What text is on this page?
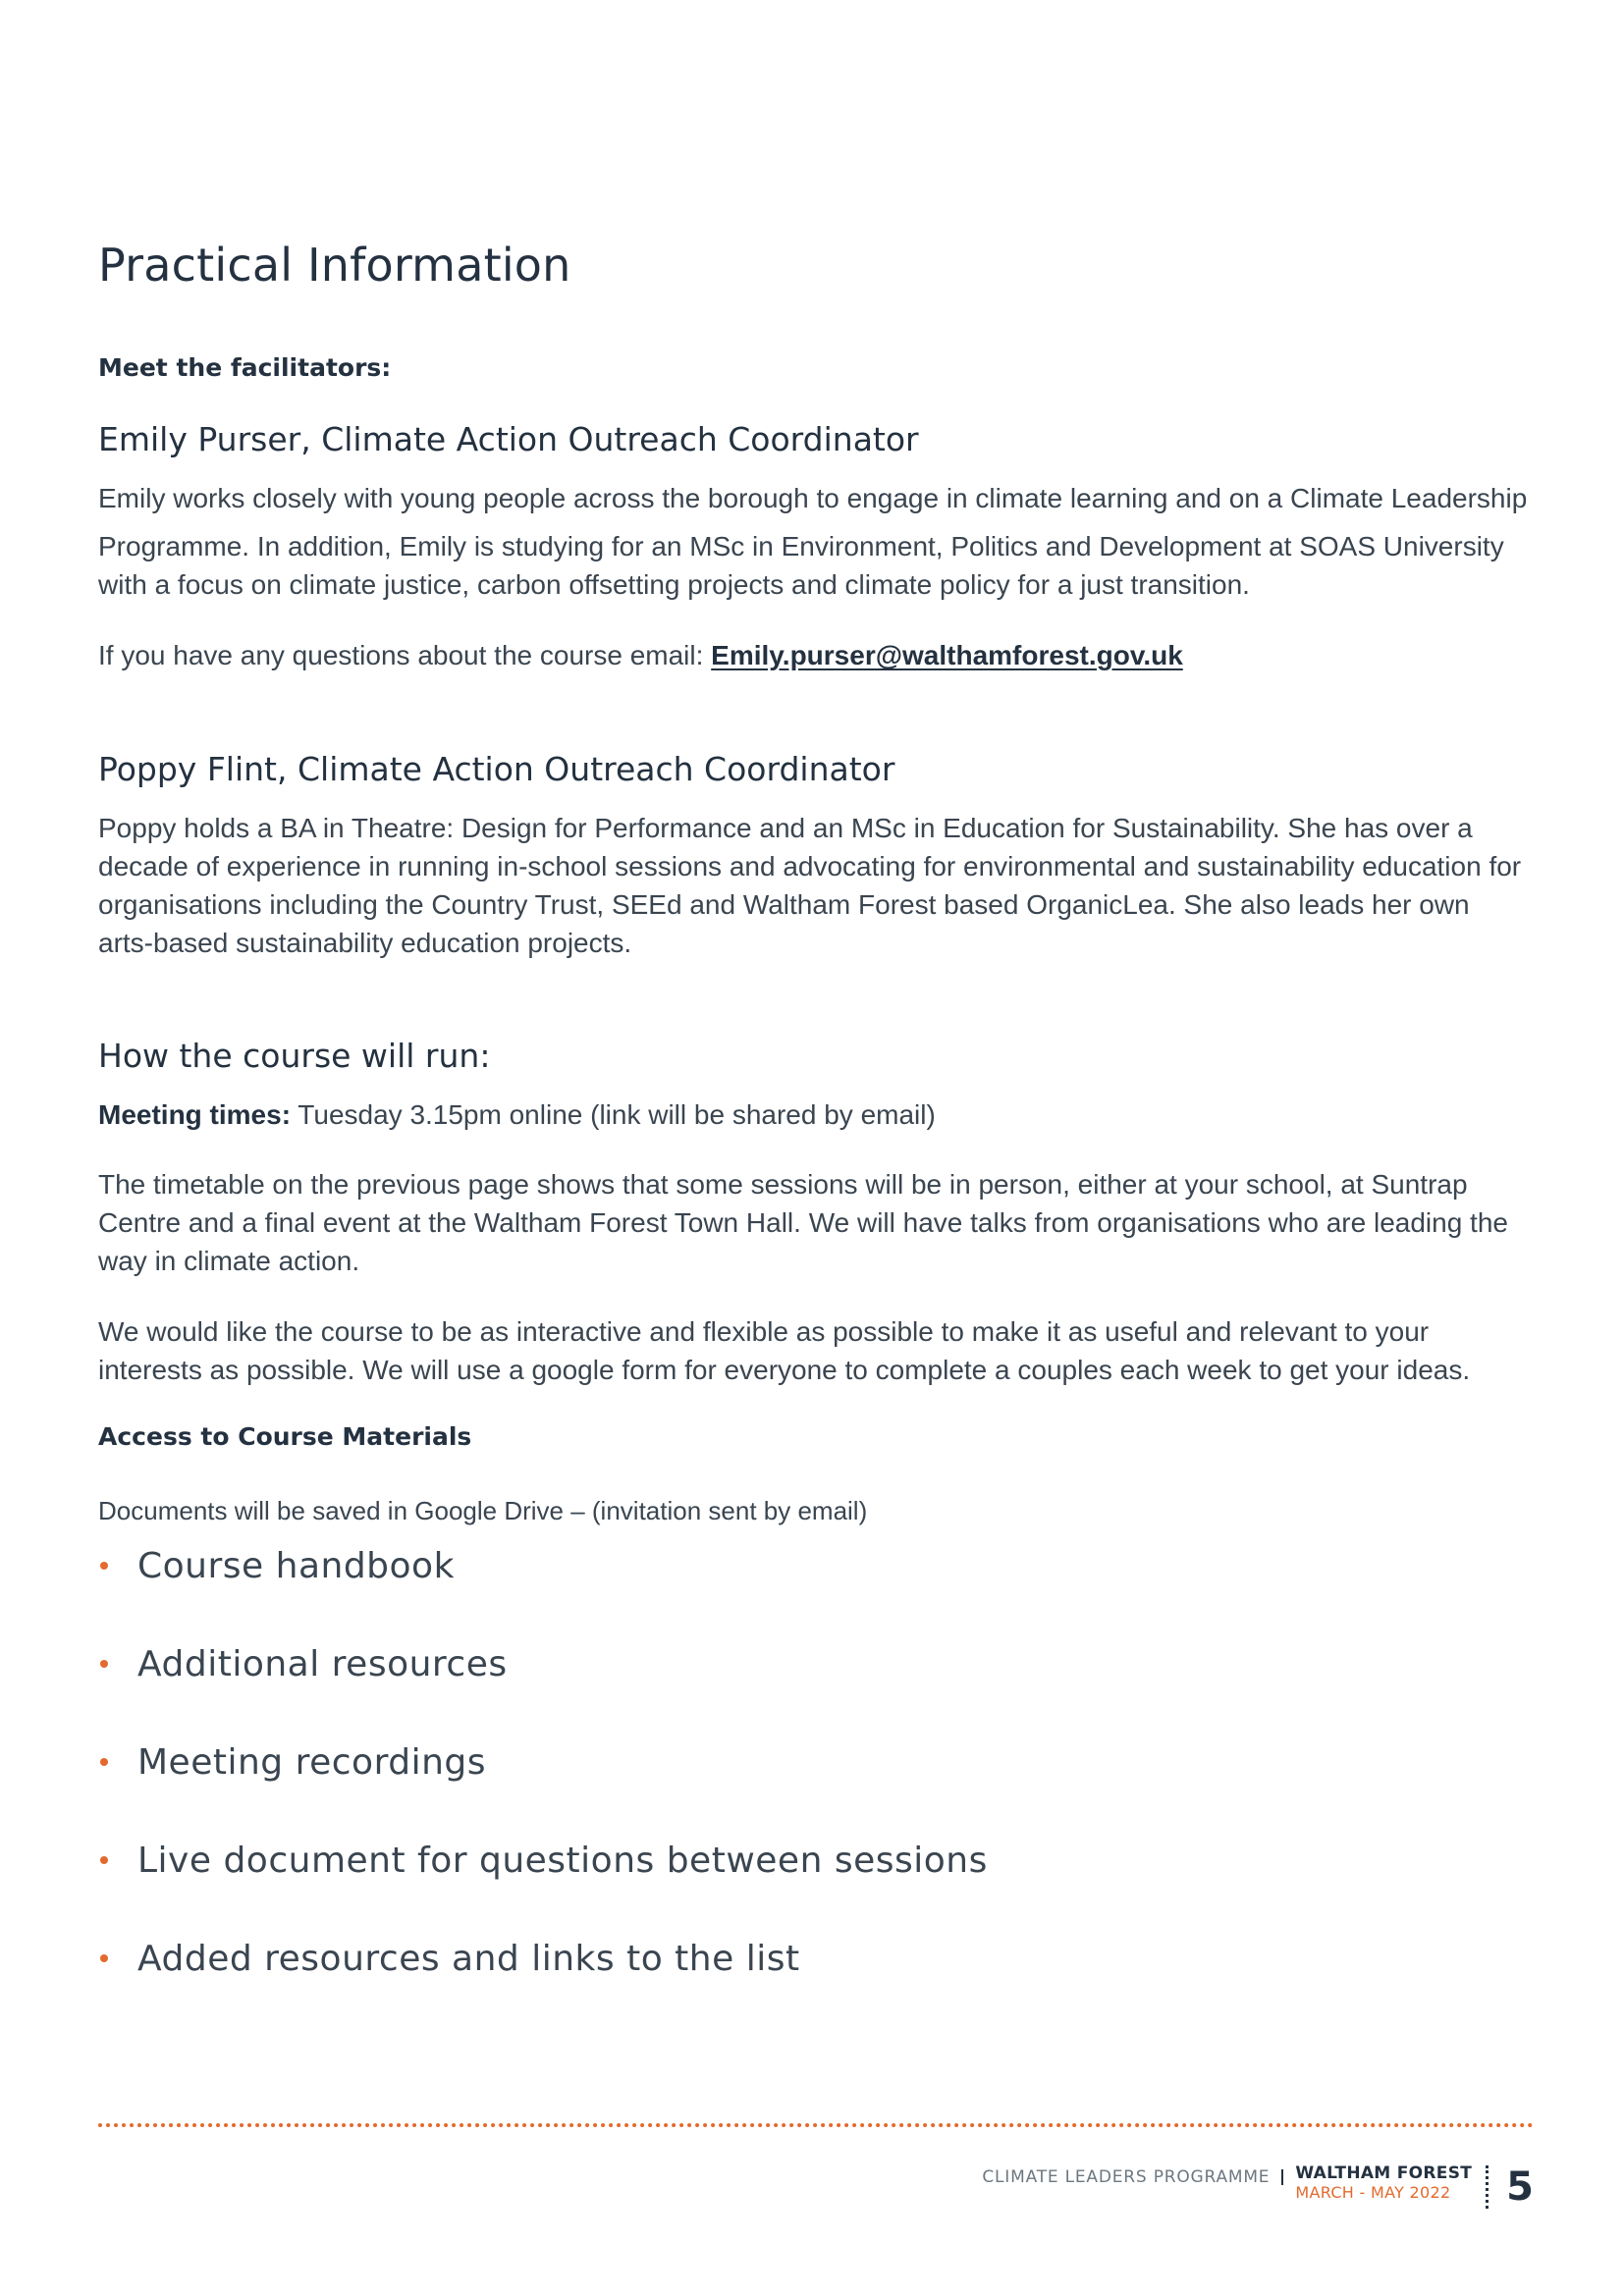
Practical Information
Meet the facilitators:
Emily Purser, Climate Action Outreach Coordinator

Emily works closely with young people across the borough to engage in climate learning and on a Climate Leadership

Programme. In addition, Emily is studying for an MSc in Environment, Politics and Development at SOAS University with a focus on climate justice, carbon offsetting projects and climate policy for a just transition.

If you have any questions about the course email: Emily.purser@walthamforest.gov.uk

Poppy Flint, Climate Action Outreach Coordinator

Poppy holds a BA in Theatre: Design for Performance and an MSc in Education for Sustainability. She has over a decade of experience in running in-school sessions and advocating for environmental and sustainability education for organisations including the Country Trust, SEEd and Waltham Forest based OrganicLea. She also leads her own arts-based sustainability education projects.

How the course will run:

Meeting times: Tuesday 3.15pm online (link will be shared by email)

The timetable on the previous page shows that some sessions will be in person, either at your school, at Suntrap Centre and a final event at the Waltham Forest Town Hall. We will have talks from organisations who are leading the way in climate action.

We would like the course to be as interactive and flexible as possible to make it as useful and relevant to your interests as possible. We will use a google form for everyone to complete a couples each week to get your ideas.

Access to Course Materials

Documents will be saved in Google Drive – (invitation sent by email)

Course handbook
Additional resources
Meeting recordings
Live document for questions between sessions
Added resources and links to the list
CLIMATE LEADERS PROGRAMME WALTHAM FOREST
MARCH - MAY 2022	5
